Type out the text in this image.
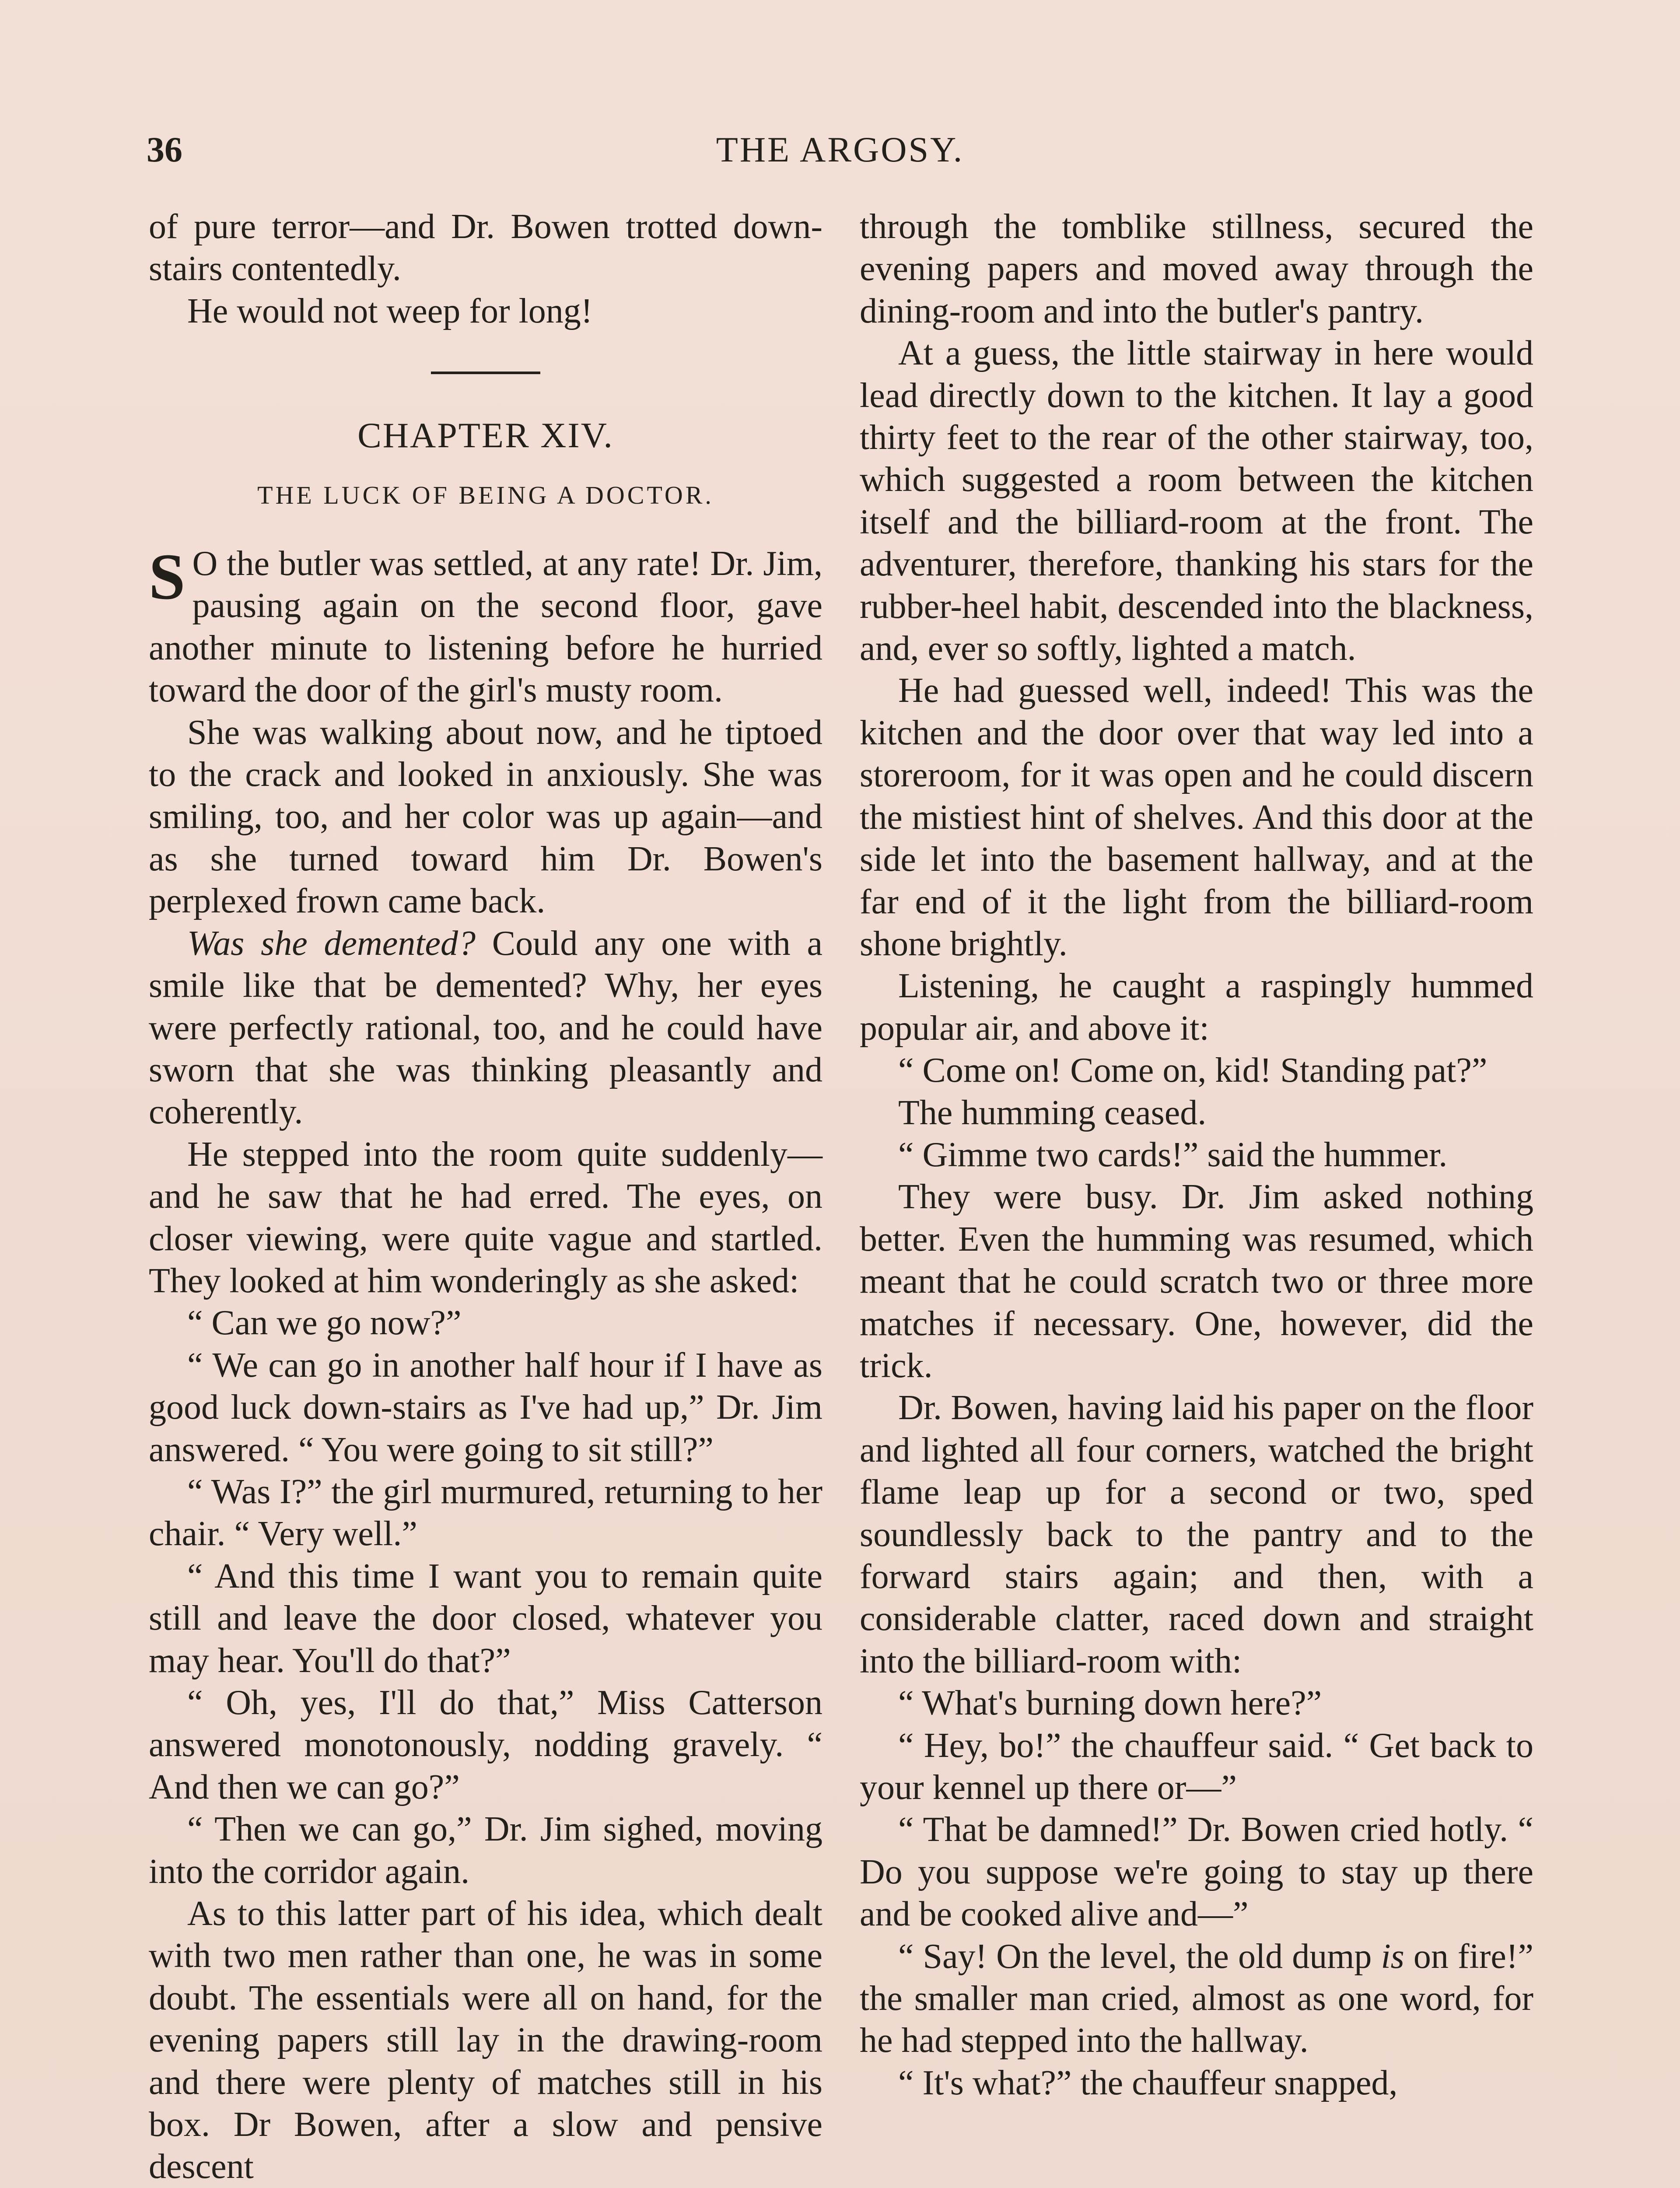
36	THE ARGOSY.

of pure terror—and Dr. Bowen trotted down-stairs contentedly.

He would not weep for long!

CHAPTER XIV.
THE LUCK OF BEING A DOCTOR.

S O the butler was settled, at any rate! Dr. Jim, pausing again on the second floor, gave another minute to listening before he hurried toward the door of the girl's musty room.

She was walking about now, and he tiptoed to the crack and looked in anxiously. She was smiling, too, and her color was up again—and as she turned toward him Dr. Bowen's perplexed frown came back.

Was she demented? Could any one with a smile like that be demented? Why, her eyes were perfectly rational, too, and he could have sworn that she was thinking pleasantly and coherently.

He stepped into the room quite suddenly—and he saw that he had erred. The eyes, on closer viewing, were quite vague and startled. They looked at him wonderingly as she asked:

“ Can we go now?”

“ We can go in another half hour if I have as good luck down-stairs as I've had up,” Dr. Jim answered. “ You were going to sit still?”

“ Was I?” the girl murmured, returning to her chair. “ Very well.”

“ And this time I want you to remain quite still and leave the door closed, whatever you may hear. You'll do that?”

“ Oh, yes, I'll do that,” Miss Catterson answered monotonously, nodding gravely. “ And then we can go?”

“ Then we can go,” Dr. Jim sighed, moving into the corridor again.

As to this latter part of his idea, which dealt with two men rather than one, he was in some doubt. The essentials were all on hand, for the evening papers still lay in the drawing-room and there were plenty of matches still in his box. Dr Bowen, after a slow and pensive descent

through the tomblike stillness, secured the evening papers and moved away through the dining-room and into the butler's pantry.

At a guess, the little stairway in here would lead directly down to the kitchen. It lay a good thirty feet to the rear of the other stairway, too, which suggested a room between the kitchen itself and the billiard-room at the front. The adventurer, therefore, thanking his stars for the rubber-heel habit, descended into the blackness, and, ever so softly, lighted a match.

He had guessed well, indeed! This was the kitchen and the door over that way led into a storeroom, for it was open and he could discern the mistiest hint of shelves. And this door at the side let into the basement hallway, and at the far end of it the light from the billiard-room shone brightly.

Listening, he caught a raspingly hummed popular air, and above it:

“ Come on! Come on, kid! Standing pat?”

The humming ceased.

“ Gimme two cards!” said the hummer.

They were busy. Dr. Jim asked nothing better. Even the humming was resumed, which meant that he could scratch two or three more matches if necessary. One, however, did the trick.

Dr. Bowen, having laid his paper on the floor and lighted all four corners, watched the bright flame leap up for a second or two, sped soundlessly back to the pantry and to the forward stairs again; and then, with a considerable clatter, raced down and straight into the billiard-room with:

“ What's burning down here?”

“ Hey, bo!” the chauffeur said. “ Get back to your kennel up there or—”

“ That be damned!” Dr. Bowen cried hotly. “ Do you suppose we're going to stay up there and be cooked alive and—”

“ Say! On the level, the old dump is on fire!” the smaller man cried, almost as one word, for he had stepped into the hallway.

“ It's what?” the chauffeur snapped,
